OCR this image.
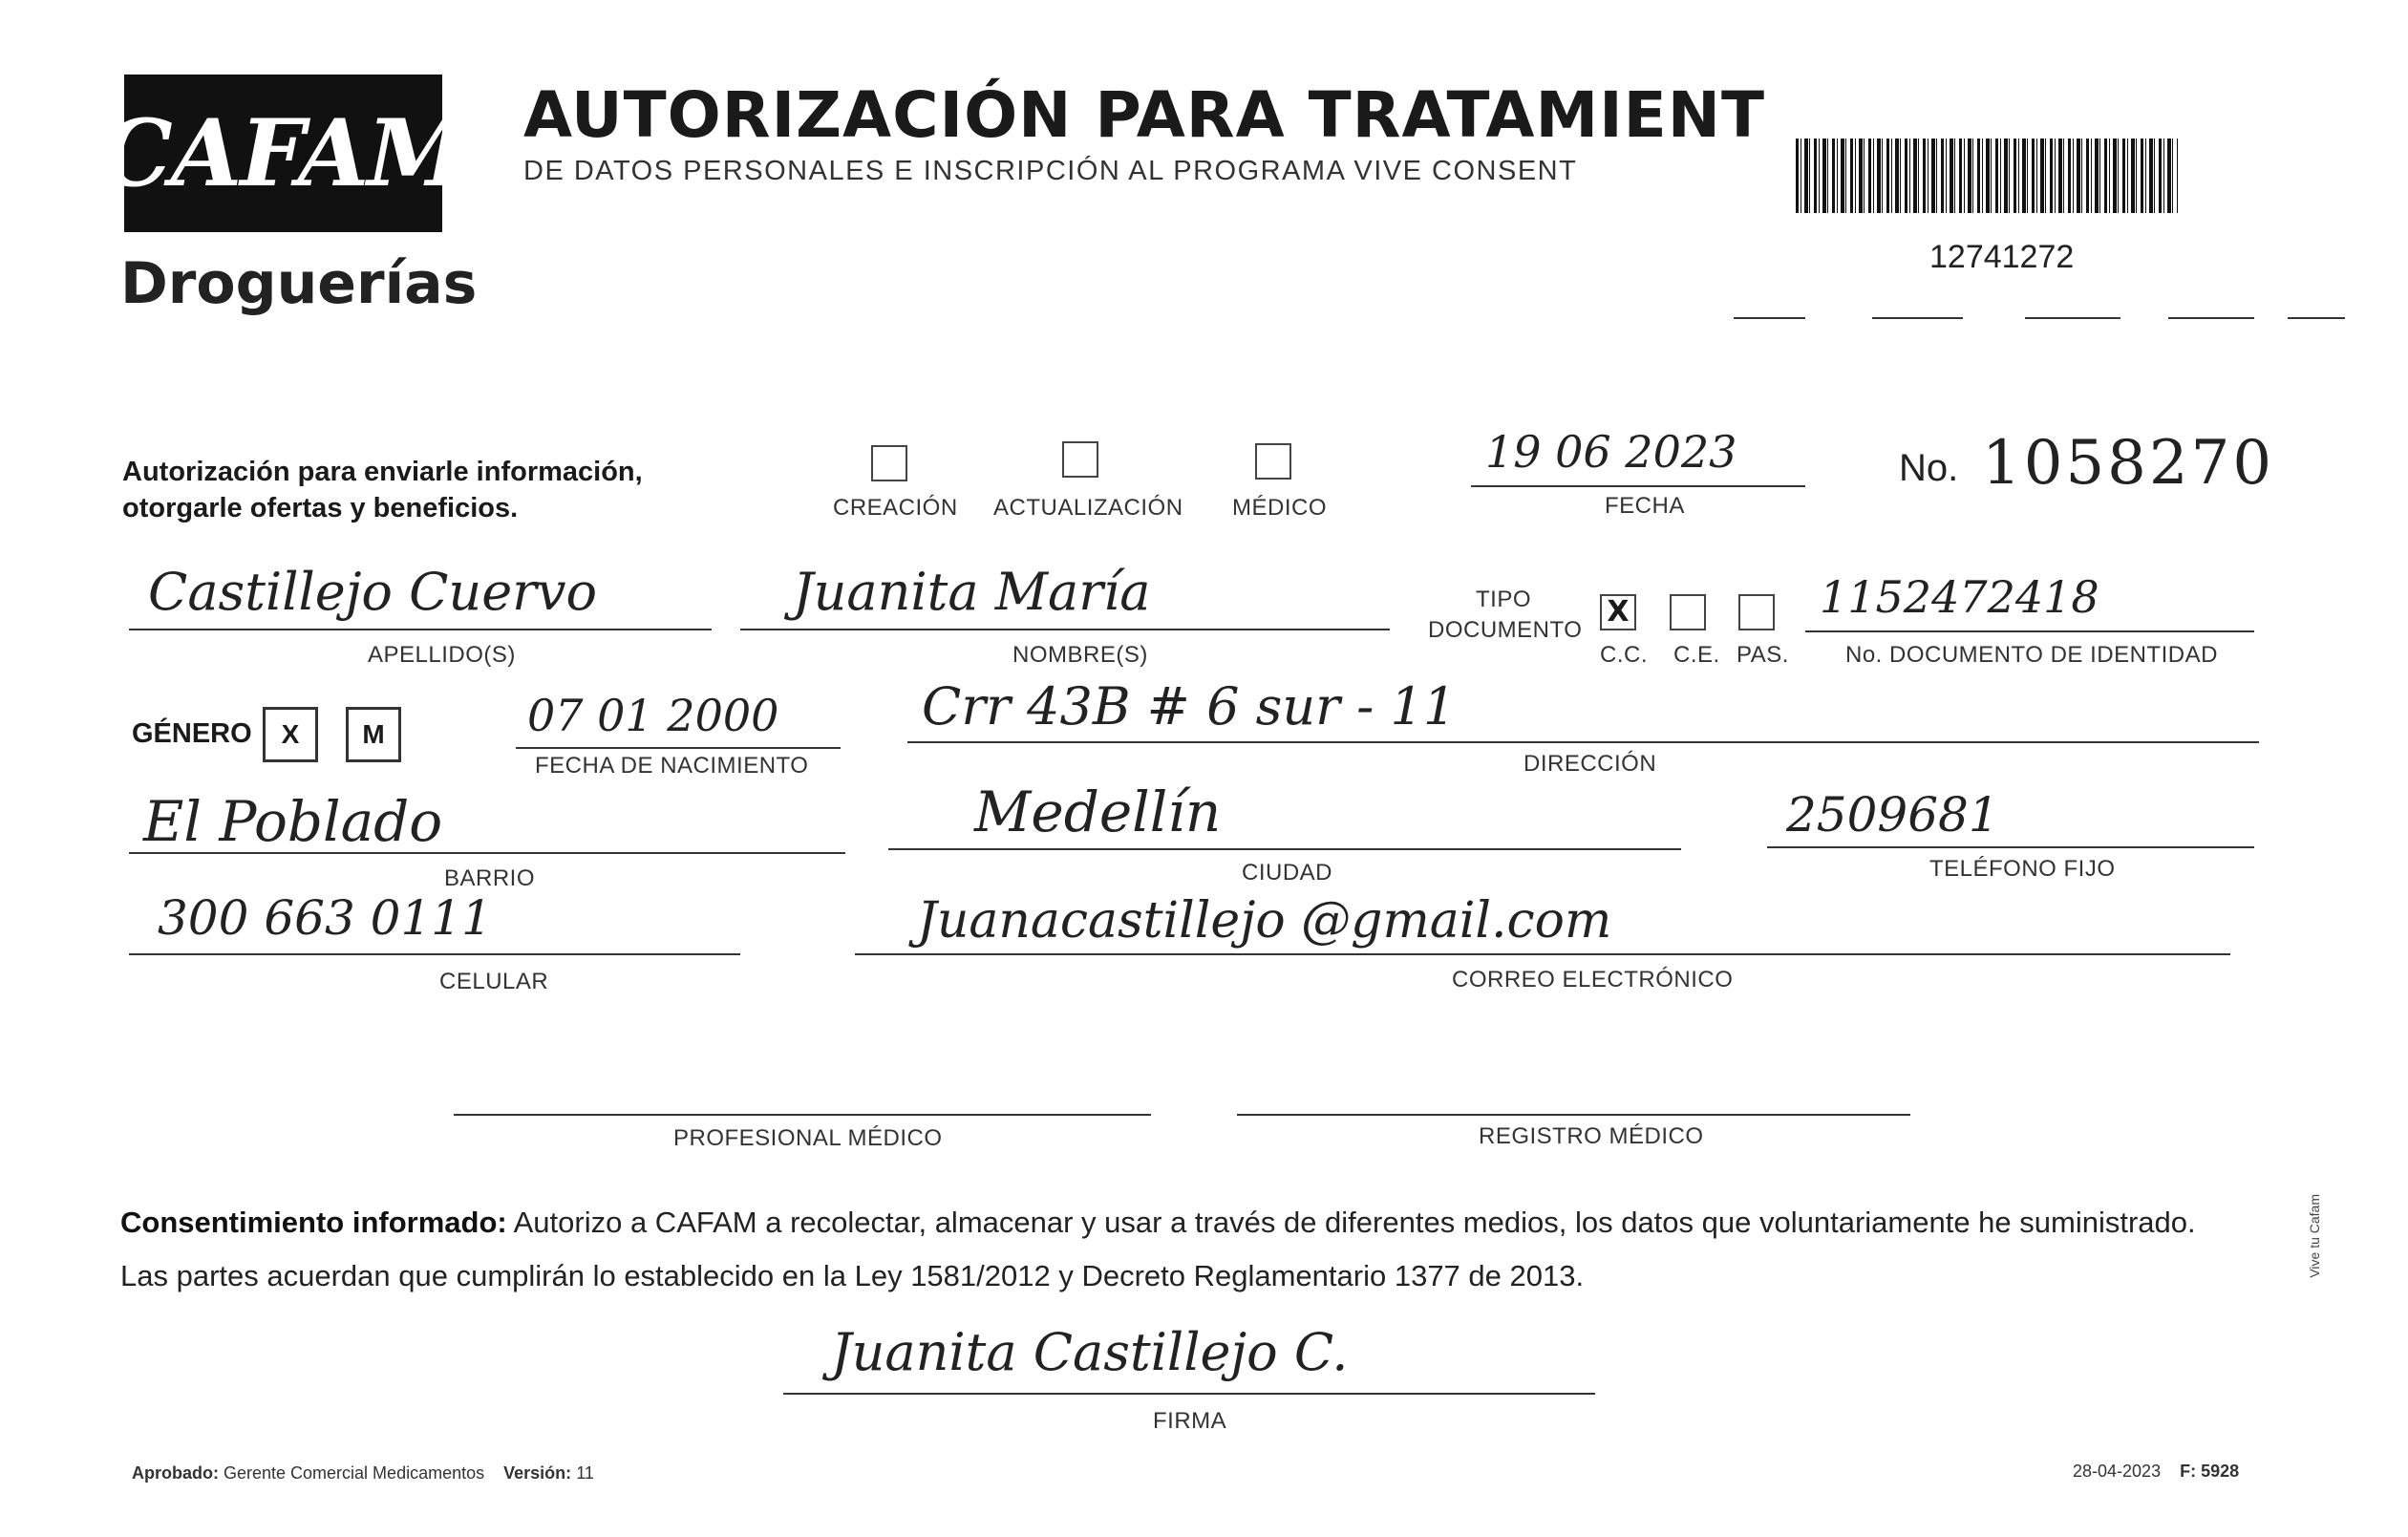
CAFAM
Droguerías
AUTORIZACIÓN PARA TRATAMIENT
DE DATOS PERSONALES E INSCRIPCIÓN AL PROGRAMA VIVE CONSENT
12741272
Autorización para enviarle información,
otorgarle ofertas y beneficios.	CREACIÓN ACTUALIZACIÓN MÉDICO
19 06 2023
FECHA
No. 1058270
Castillejo Cuervo
APELLIDO(S)
Juanita María
NOMBRE(S)
TIPO
DOCUMENTO
X
C.C. C.E. PAS.
1152472418
No. DOCUMENTO DE IDENTIDAD
GÉNERO	X	M	07 01 2000
FECHA DE NACIMIENTO
Crr 43B # 6 sur - 11
DIRECCIÓN
El Poblado
BARRIO
Medellín
CIUDAD
2509681
TELÉFONO FIJO
300 663 0111
CELULAR
Juanacastillejo @gmail.com
CORREO ELECTRÓNICO
PROFESIONAL MÉDICO	REGISTRO MÉDICO
Consentimiento informado: Autorizo a CAFAM a recolectar, almacenar y usar a través de diferentes medios, los datos que voluntariamente he suministrado.
Las partes acuerdan que cumplirán lo establecido en la Ley 1581/2012 y Decreto Reglamentario 1377 de 2013.
Juanita Castillejo C.
FIRMA
Aprobado: Gerente Comercial Medicamentos Versión: 11	28-04-2023 F: 5928
Vive tu Cafam
